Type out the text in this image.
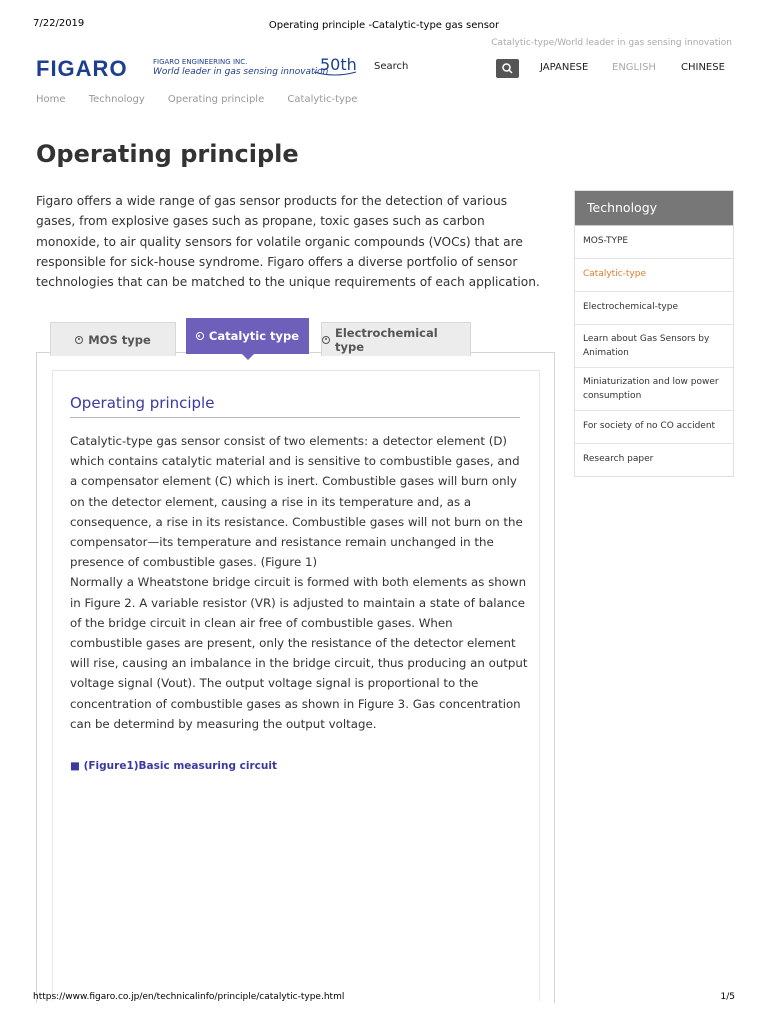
7/22/2019	Operating principle -Catalytic-type gas sensor
Catalytic-type/World leader in gas sensing innovation
FIGARO	FIGARO ENGINEERING INC.
World leader in gas sensing innovation
50th Search	JAPANESE ENGLISH	CHINESE
Home Technology Operating principle Catalytic-type
Operating principle
Figaro offers a wide range of gas sensor products for the detection of various gases, from explosive gases such as propane, toxic gases such as carbon monoxide, to air quality sensors for volatile organic compounds (VOCs) that are responsible for sick-house syndrome. Figaro offers a diverse portfolio of sensor technologies that can be matched to the unique requirements of each application.
Technology
MOS-TYPE
Catalytic-type
Electrochemical-type
Learn about Gas Sensors by Animation
Miniaturization and low power consumption
For society of no CO accident
Research paper
MOS type	Catalytic type	Electrochemical type
Operating principle
Catalytic-type gas sensor consist of two elements: a detector element (D) which contains catalytic material and is sensitive to combustible gases, and a compensator element (C) which is inert. Combustible gases will burn only on the detector element, causing a rise in its temperature and, as a consequence, a rise in its resistance. Combustible gases will not burn on the compensator—its temperature and resistance remain unchanged in the presence of combustible gases. (Figure 1)
Normally a Wheatstone bridge circuit is formed with both elements as shown in Figure 2. A variable resistor (VR) is adjusted to maintain a state of balance of the bridge circuit in clean air free of combustible gases. When combustible gases are present, only the resistance of the detector element will rise, causing an imbalance in the bridge circuit, thus producing an output voltage signal (Vout). The output voltage signal is proportional to the concentration of combustible gases as shown in Figure 3. Gas concentration can be determind by measuring the output voltage.
■ (Figure1)Basic measuring circuit
https://www.figaro.co.jp/en/technicalinfo/principle/catalytic-type.html	1/5
